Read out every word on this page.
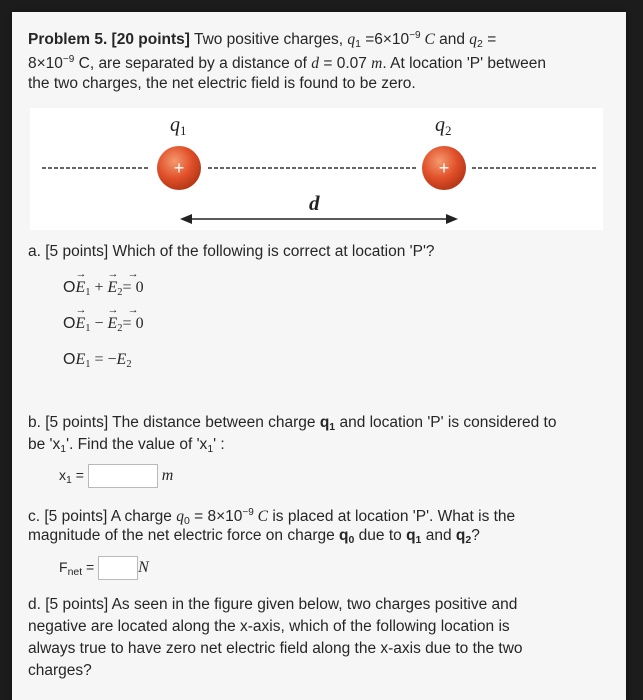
Problem 5. [20 points] Two positive charges, $q_1 =6\times 10^{-9}$ C and $q_2$ =

$8\times 10^{-9}$ C, are separated by a distance of d = 0.07 m. At location 'P' between

the two charges, the net electric field is found to be zero.

+	+
q 1	q 2
d

a. [5 points] Which of the following is correct at location 'P'?

$O\to E_1$ + → $E_2\to = 0$
$O\to E_1$ − → $E_2\to = 0$
$OE_1 = -E_2$

b. [5 points] The distance between charge $q_1$ and location 'P' is considered to

be '$x_1$'. Find the value of '$x_1$' :

$x_1$ =	m

c. [5 points] A charge $q_0 = 8\times 10^{-9}$ C is placed at location 'P'. What is the

magnitude of the net electric force on charge $q_0$ due to $q_1$ and $q_2$?

$F_{net}$ =	N

d. [5 points] As seen in the figure given below, two charges positive and

negative are located along the x-axis, which of the following location is

always true to have zero net electric field along the x-axis due to the two

charges?
